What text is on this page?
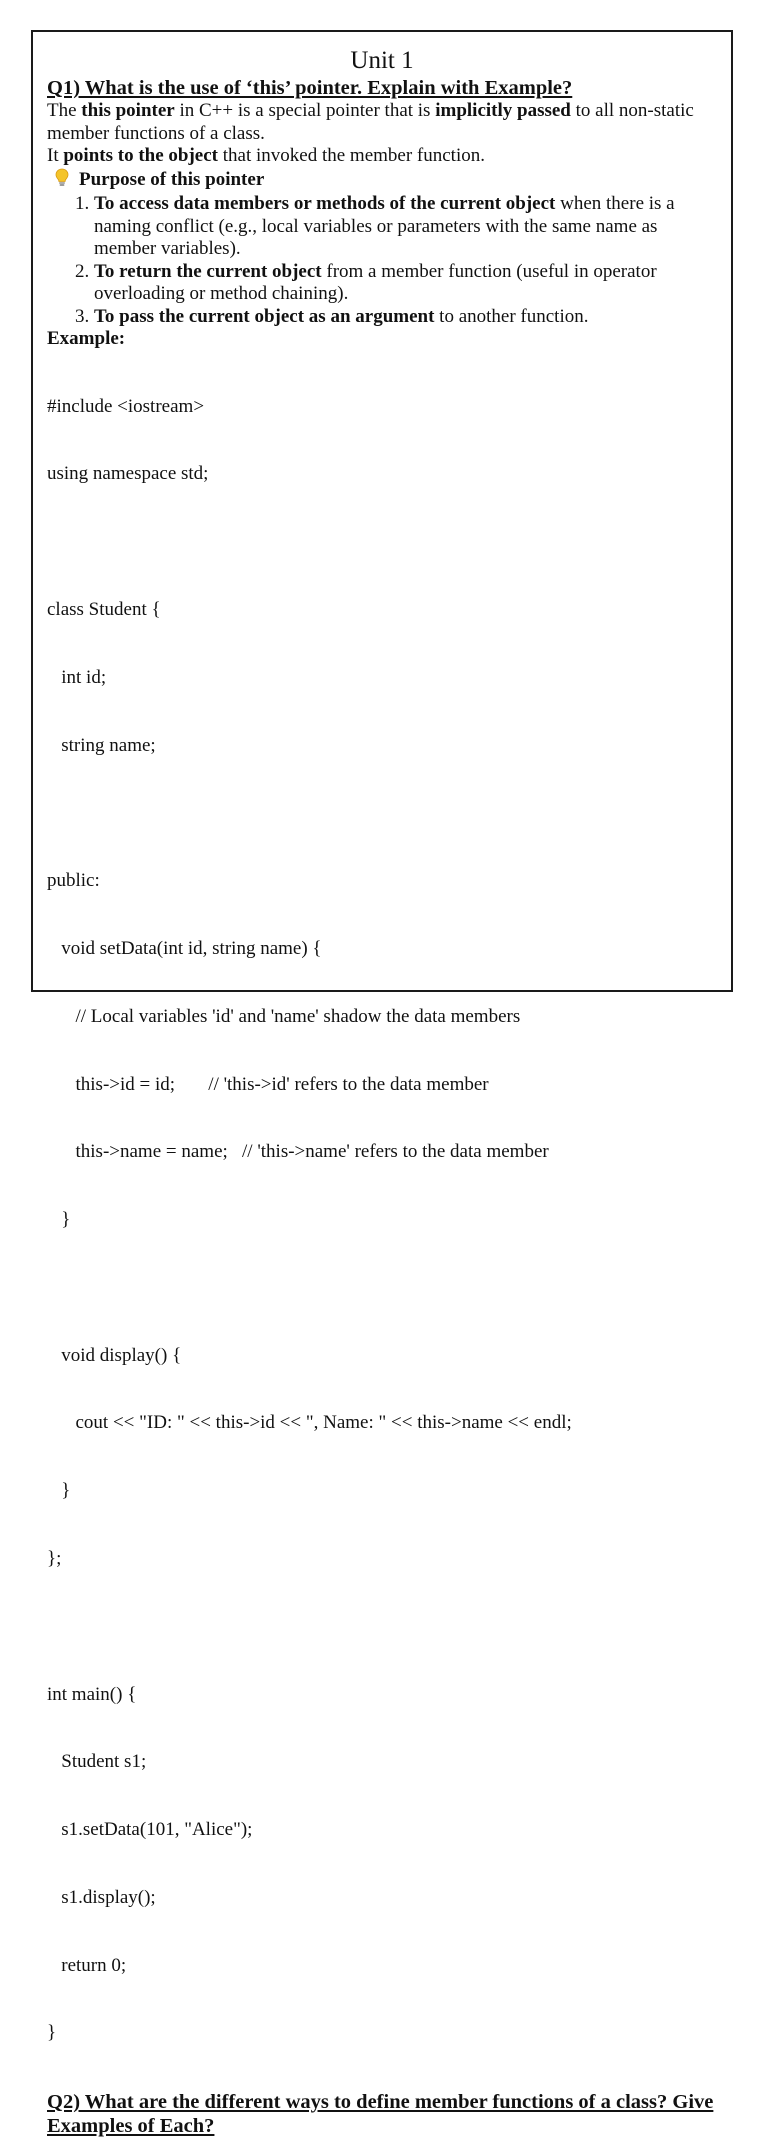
Unit 1

Q1) What is the use of ‘this’ pointer. Explain with Example?

The this pointer in C++ is a special pointer that is implicitly passed to all non-static member functions of a class.

It points to the object that invoked the member function.

Purpose of this pointer

1. To access data members or methods of the current object when there is a naming conflict (e.g., local variables or parameters with the same name as member variables).
2. To return the current object from a member function (useful in operator overloading or method chaining).
3. To pass the current object as an argument to another function.

Example:

#include <iostream>

using namespace std;

class Student {

int id;

string name;

public:

void setData(int id, string name) {

// Local variables 'id' and 'name' shadow the data members

this->id = id;       // 'this->id' refers to the data member

this->name = name;   // 'this->name' refers to the data member

}

void display() {

cout << "ID: " << this->id << ", Name: " << this->name << endl;

}

};

int main() {

Student s1;

s1.setData(101, "Alice");

s1.display();

return 0;

}

Q2) What are the different ways to define member functions of a class? Give Examples of Each?
